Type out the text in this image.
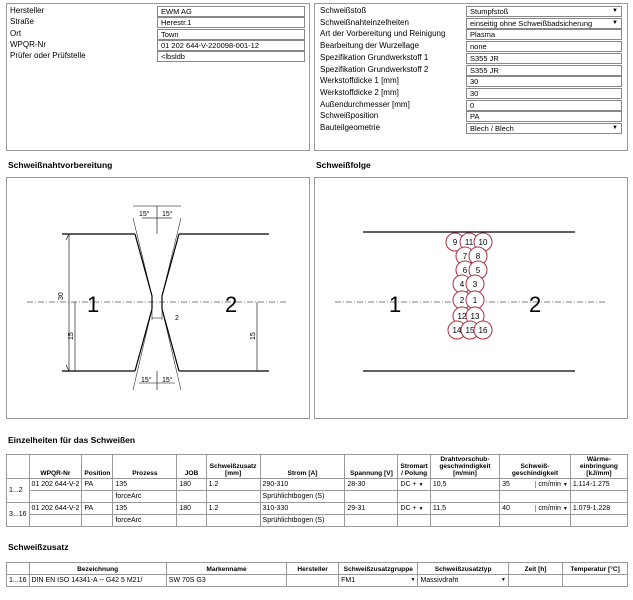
Hersteller	EWM AG
Straße	Herestr.1
Ort	Town
WPQR-Nr	01 202 644-V-220098-001-12
Prüfer oder Prüfstelle	<lbsldb
Schweißstoß	Stumpfstoß	▼
Schweißnahteinzelheiten	einseitig ohne Schweißbadsicherung	▼
Art der Vorbereitung und Reinigung	Plasma
Bearbeitung der Wurzellage	none
Spezifikation Grundwerkstoff 1	S355 JR
Spezifikation Grundwerkstoff 2	S355 JR
Werkstoffdicke 1 [mm]	30
Werkstoffdicke 2 [mm]	30
Außendurchmesser [mm]	0
Schweißposition	PA
Bauteilgeometrie	Blech / Blech	▼
Schweißnahtvorbereitung	Schweißfolge
15° 15°
15° 15°
30
15	15
2
1	2	1	2
9 11 10
7 8
6 5
4 3
2 1
12 13
14 15 16
Einzelheiten für das Schweißen
	WPQR-Nr	Position	Prozess	JOB	Schweißzusatz [mm]	Strom [A]	Spannung [V]	Stromart / Polung	Drahtvorschub-geschwindigkeit [m/min]	Schweiß-geschindigkeit	Wärme-einbringung [kJ/mm]
1...2	01 202 644-V-2	PA	135	180	1.2	290-310	28-30	DC + ▼	10,5	35 cm/min ▼	1.114-1.275
			forceArc			Sprühlichtbogen (S)					
3...16	01 202 644-V-2	PA	135	180	1.2	310-330	29-31	DC + ▼	11,5	40 cm/min ▼	1.079-1.228
			forceArc			Sprühlichtbogen (S)					
Schweißzusatz
	Bezeichnung	Markenname	Hersteller	Schweißzusatzgruppe	Schweißzusatztyp	Zeit [h]	Temperatur [°C]
1...16	DIN EN ISO 14341-A -- G42 5 M21/	SW 70S G3		FM1 ▼	Massivdraht ▼		
